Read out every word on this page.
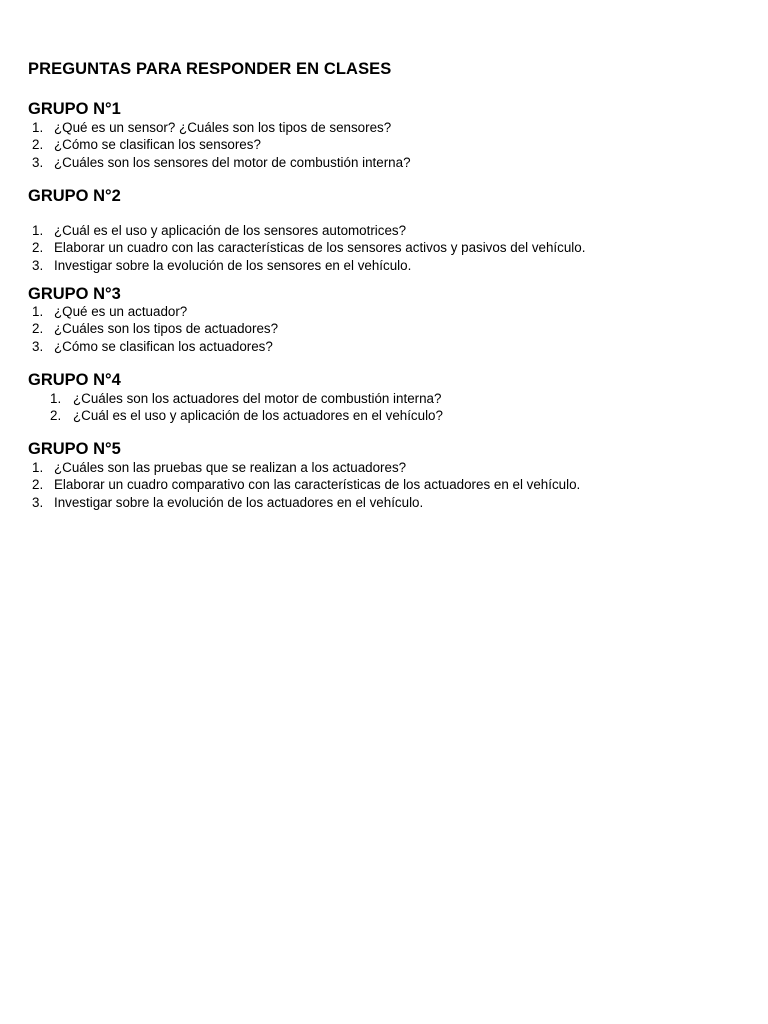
PREGUNTAS PARA RESPONDER EN CLASES
GRUPO N°1
1. ¿Qué es un sensor? ¿Cuáles son los tipos de sensores?
2. ¿Cómo se clasifican los sensores?
3. ¿Cuáles son los sensores del motor de combustión interna?
GRUPO N°2
1. ¿Cuál es el uso y aplicación de los sensores automotrices?
2. Elaborar un cuadro con las características de los sensores activos y pasivos del vehículo.
3. Investigar sobre la evolución de los sensores en el vehículo.
GRUPO N°3
1. ¿Qué es un actuador?
2. ¿Cuáles son los tipos de actuadores?
3. ¿Cómo se clasifican los actuadores?
GRUPO N°4
1. ¿Cuáles son los actuadores del motor de combustión interna?
2. ¿Cuál es el uso y aplicación de los actuadores en el vehículo?
GRUPO N°5
1. ¿Cuáles son las pruebas que se realizan a los actuadores?
2. Elaborar un cuadro comparativo con las características de los actuadores en el vehículo.
3. Investigar sobre la evolución de los actuadores en el vehículo.
